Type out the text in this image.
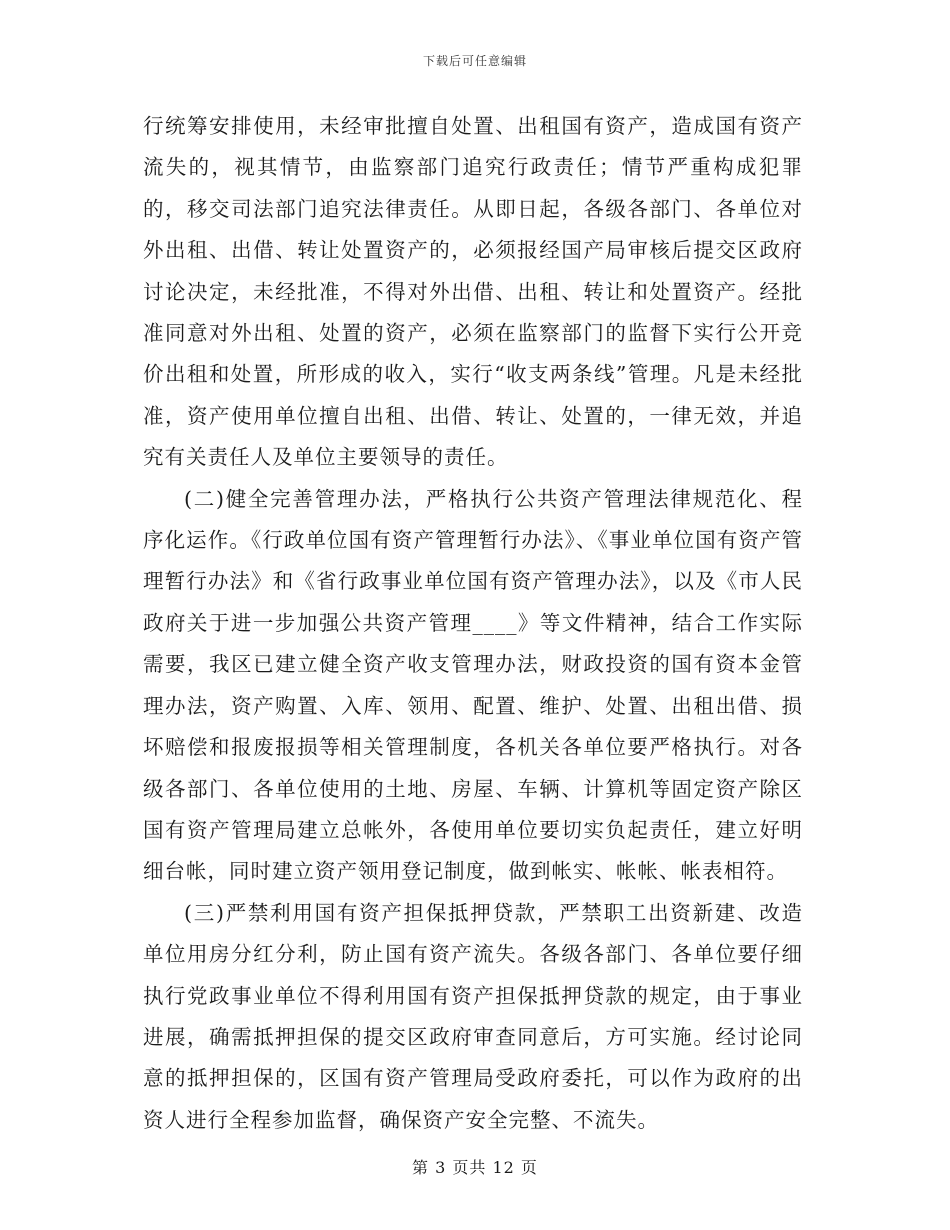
下载后可任意编辑

行统筹安排使用，未经审批擅自处置、出租国有资产，造成国有资产流失的，视其情节，由监察部门追究行政责任；情节严重构成犯罪的，移交司法部门追究法律责任。从即日起，各级各部门、各单位对外出租、出借、转让处置资产的，必须报经国产局审核后提交区政府讨论决定，未经批准，不得对外出借、出租、转让和处置资产。经批准同意对外出租、处置的资产，必须在监察部门的监督下实行公开竞价出租和处置，所形成的收入，实行“收支两条线”管理。凡是未经批准，资产使用单位擅自出租、出借、转让、处置的，一律无效，并追究有关责任人及单位主要领导的责任。

(二)健全完善管理办法，严格执行公共资产管理法律规范化、程序化运作。《行政单位国有资产管理暂行办法》、《事业单位国有资产管理暂行办法》和《省行政事业单位国有资产管理办法》，以及《市人民政府关于进一步加强公共资产管理____》等文件精神，结合工作实际需要，我区已建立健全资产收支管理办法，财政投资的国有资本金管理办法，资产购置、入库、领用、配置、维护、处置、出租出借、损坏赔偿和报废报损等相关管理制度，各机关各单位要严格执行。对各级各部门、各单位使用的土地、房屋、车辆、计算机等固定资产除区国有资产管理局建立总帐外，各使用单位要切实负起责任，建立好明细台帐，同时建立资产领用登记制度，做到帐实、帐帐、帐表相符。

(三)严禁利用国有资产担保抵押贷款，严禁职工出资新建、改造单位用房分红分利，防止国有资产流失。各级各部门、各单位要仔细执行党政事业单位不得利用国有资产担保抵押贷款的规定，由于事业进展，确需抵押担保的提交区政府审查同意后，方可实施。经讨论同意的抵押担保的，区国有资产管理局受政府委托，可以作为政府的出资人进行全程参加监督，确保资产安全完整、不流失。

第 3 页共 12 页
